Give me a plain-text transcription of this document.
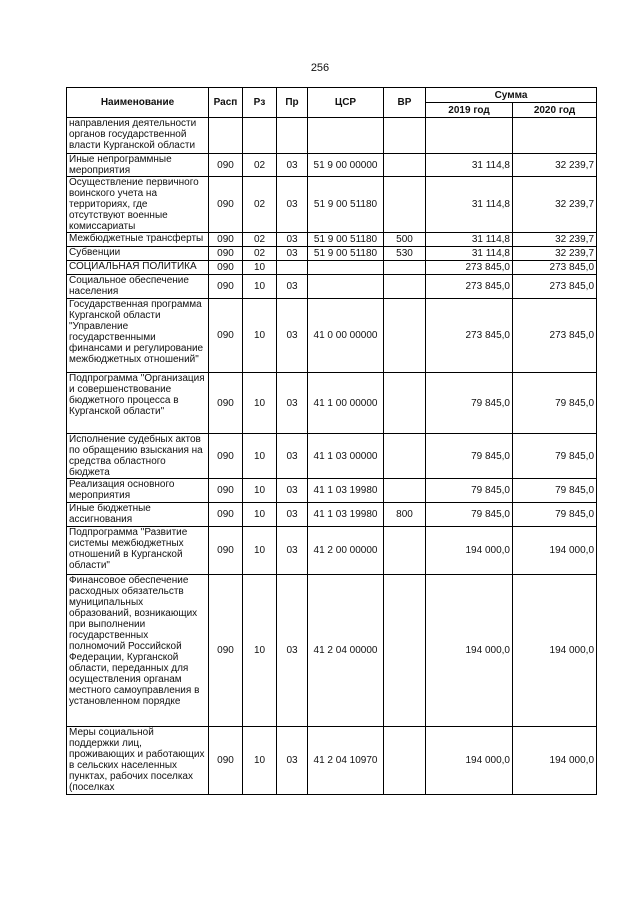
256
Наименование	Расп	Рз	Пр	ЦСР	ВР	Сумма	
						2019 год	2020 год
направления деятельности органов государственной власти Курганской области							
Иные непрограммные мероприятия	090	02	03	51 9 00 00000		31 114,8	32 239,7
Осуществление первичного воинского учета на территориях, где отсутствуют военные комиссариаты	090	02	03	51 9 00 51180		31 114,8	32 239,7
Межбюджетные трансферты	090	02	03	51 9 00 51180	500	31 114,8	32 239,7
Субвенции	090	02	03	51 9 00 51180	530	31 114,8	32 239,7
СОЦИАЛЬНАЯ ПОЛИТИКА	090	10				273 845,0	273 845,0
Социальное обеспечение населения	090	10	03			273 845,0	273 845,0
Государственная программа Курганской области "Управление государственными финансами и регулирование межбюджетных отношений"	090	10	03	41 0 00 00000		273 845,0	273 845,0
Подпрограмма "Организация и совершенствование бюджетного процесса в Курганской области"	090	10	03	41 1 00 00000		79 845,0	79 845,0
Исполнение судебных актов по обращению взыскания на средства областного бюджета	090	10	03	41 1 03 00000		79 845,0	79 845,0
Реализация основного мероприятия	090	10	03	41 1 03 19980		79 845,0	79 845,0
Иные бюджетные ассигнования	090	10	03	41 1 03 19980	800	79 845,0	79 845,0
Подпрограмма "Развитие системы межбюджетных отношений в Курганской области"	090	10	03	41 2 00 00000		194 000,0	194 000,0
Финансовое обеспечение расходных обязательств муниципальных образований, возникающих при выполнении государственных полномочий Российской Федерации, Курганской области, переданных для осуществления органам местного самоуправления в установленном порядке	090	10	03	41 2 04 00000		194 000,0	194 000,0
Меры социальной поддержки лиц, проживающих и работающих в сельских населенных пунктах, рабочих поселках (поселках	090	10	03	41 2 04 10970		194 000,0	194 000,0
